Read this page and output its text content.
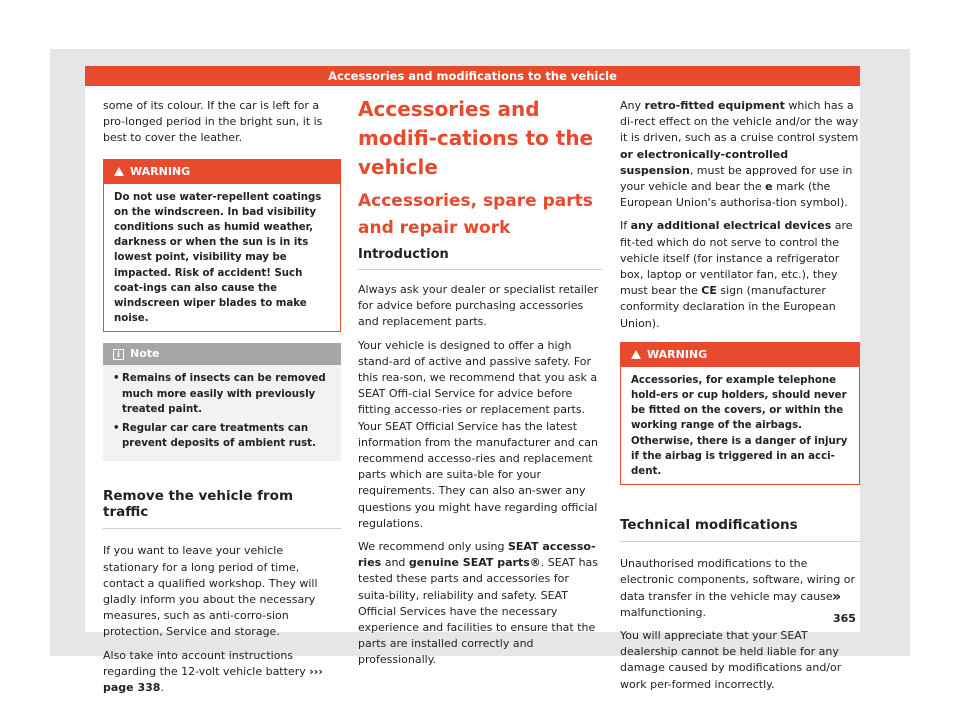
Accessories and modifications to the vehicle

some of its colour. If the car is left for a pro-longed period in the bright sun, it is best to cover the leather.

WARNING
Do not use water-repellent coatings on the windscreen. In bad visibility conditions such as humid weather, darkness or when the sun is in its lowest point, visibility may be impacted. Risk of accident! Such coat-ings can also cause the windscreen wiper blades to make noise.
i Note
• Remains of insects can be removed much more easily with previously treated paint.
• Regular car care treatments can prevent deposits of ambient rust.
Remove the vehicle from traffic

If you want to leave your vehicle stationary for a long period of time, contact a qualified workshop. They will gladly inform you about the necessary measures, such as anti-corro-sion protection, Service and storage.

Also take into account instructions regarding the 12-volt vehicle battery ››› page 338.

Accessories and modifi-cations to the vehicle
Accessories, spare parts and repair work
Introduction

Always ask your dealer or specialist retailer for advice before purchasing accessories and replacement parts.

Your vehicle is designed to offer a high stand-ard of active and passive safety. For this rea-son, we recommend that you ask a SEAT Offi-cial Service for advice before fitting accesso-ries or replacement parts. Your SEAT Official Service has the latest information from the manufacturer and can recommend accesso-ries and replacement parts which are suita-ble for your requirements. They can also an-swer any questions you might have regarding official regulations.

We recommend only using SEAT accesso-ries and genuine SEAT parts®. SEAT has tested these parts and accessories for suita-bility, reliability and safety. SEAT Official Services have the necessary experience and facilities to ensure that the parts are installed correctly and professionally.

Any retro-fitted equipment which has a di-rect effect on the vehicle and/or the way it is driven, such as a cruise control system or electronically-controlled suspension, must be approved for use in your vehicle and bear the e mark (the European Union's authorisa-tion symbol).

If any additional electrical devices are fit-ted which do not serve to control the vehicle itself (for instance a refrigerator box, laptop or ventilator fan, etc.), they must bear the CE sign (manufacturer conformity declaration in the European Union).

WARNING
Accessories, for example telephone hold-ers or cup holders, should never be fitted on the covers, or within the working range of the airbags. Otherwise, there is a danger of injury if the airbag is triggered in an acci-dent.
Technical modifications

Unauthorised modifications to the electronic components, software, wiring or data transfer in the vehicle may cause malfunctioning.

You will appreciate that your SEAT dealership cannot be held liable for any damage caused by modifications and/or work per-formed incorrectly.

»
365
